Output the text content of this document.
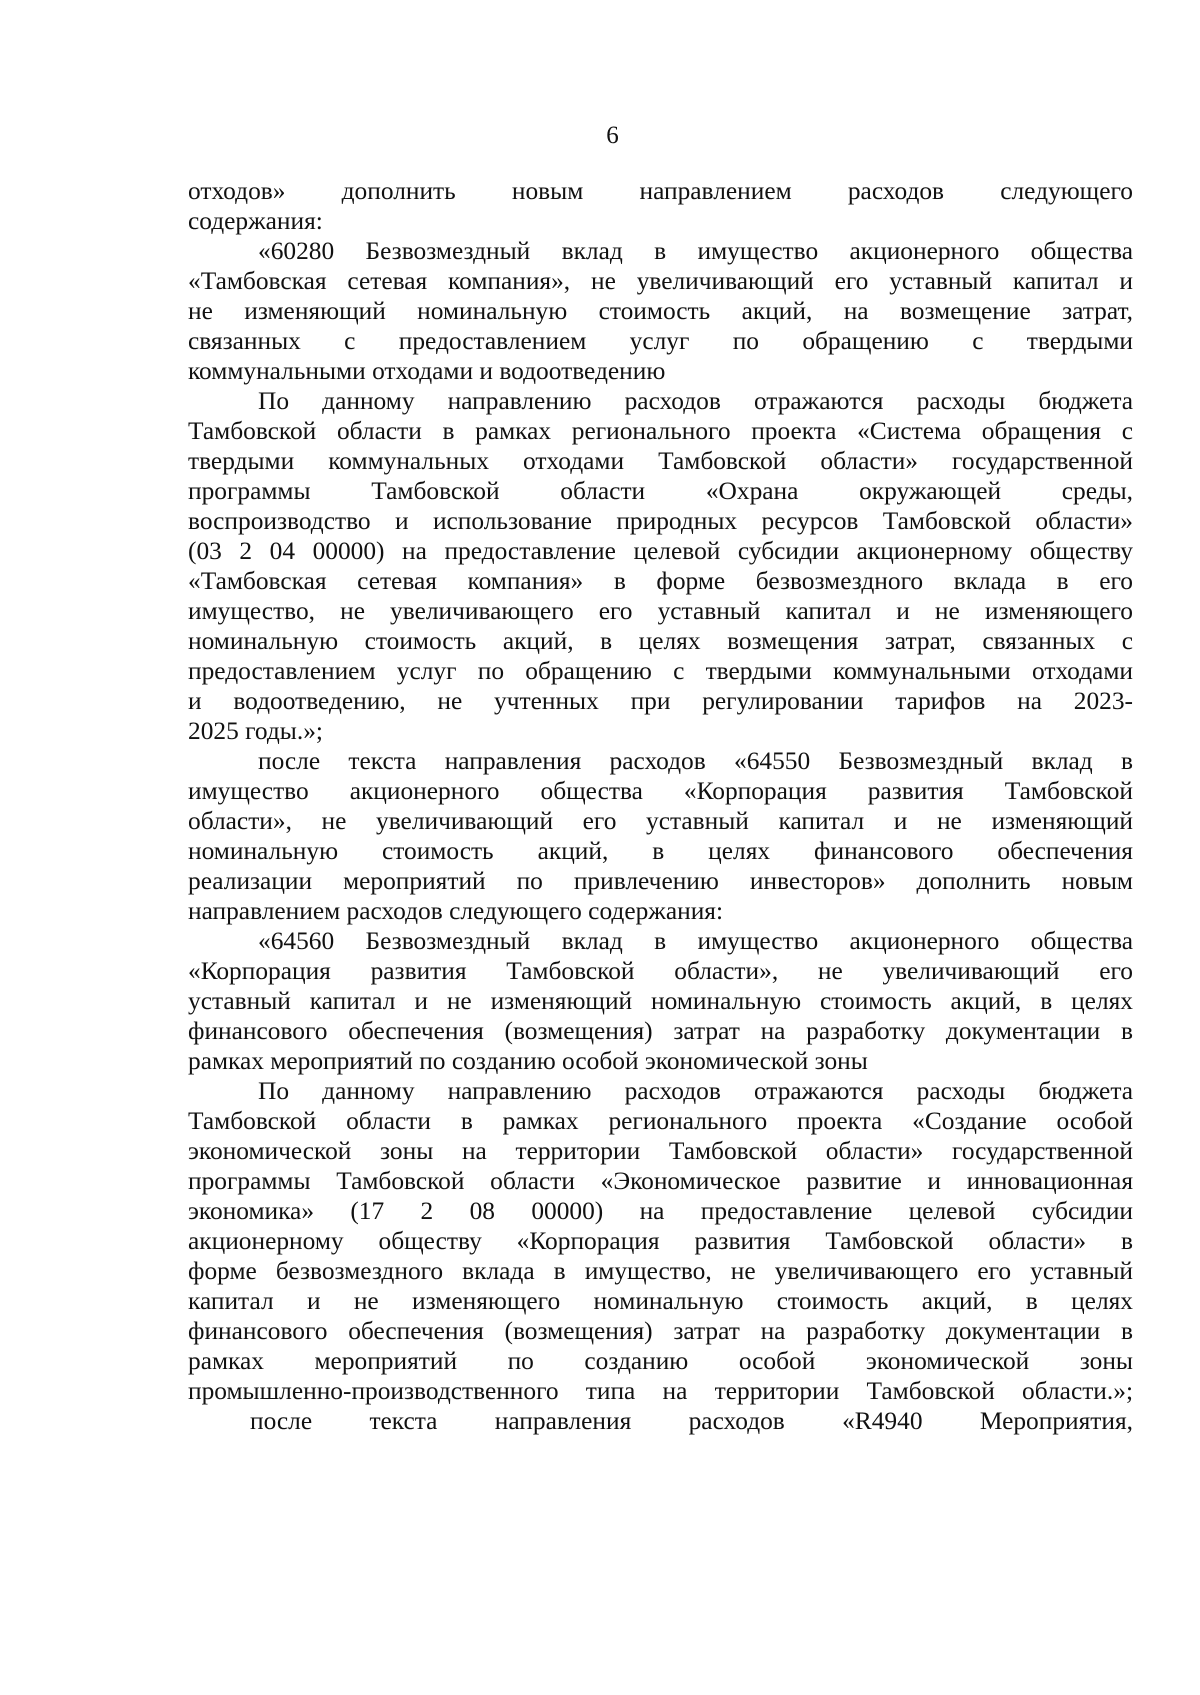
6
отходов» дополнить новым направлением расходов следующего
содержания:
«60280 Безвозмездный вклад в имущество акционерного общества
«Тамбовская сетевая компания», не увеличивающий его уставный капитал и
не изменяющий номинальную стоимость акций, на возмещение затрат,
связанных с предоставлением услуг по обращению с твердыми
коммунальными отходами и водоотведению
По данному направлению расходов отражаются расходы бюджета
Тамбовской области в рамках регионального проекта «Система обращения с
твердыми коммунальных отходами Тамбовской области» государственной
программы Тамбовской области «Охрана окружающей среды,
воспроизводство и использование природных ресурсов Тамбовской области»
(03 2 04 00000) на предоставление целевой субсидии акционерному обществу
«Тамбовская сетевая компания» в форме безвозмездного вклада в его
имущество, не увеличивающего его уставный капитал и не изменяющего
номинальную стоимость акций, в целях возмещения затрат, связанных с
предоставлением услуг по обращению с твердыми коммунальными отходами
и водоотведению, не учтенных при регулировании тарифов на 2023-
2025 годы.»;
после текста направления расходов «64550 Безвозмездный вклад в
имущество акционерного общества «Корпорация развития Тамбовской
области», не увеличивающий его уставный капитал и не изменяющий
номинальную стоимость акций, в целях финансового обеспечения
реализации мероприятий по привлечению инвесторов» дополнить новым
направлением расходов следующего содержания:
«64560 Безвозмездный вклад в имущество акционерного общества
«Корпорация развития Тамбовской области», не увеличивающий его
уставный капитал и не изменяющий номинальную стоимость акций, в целях
финансового обеспечения (возмещения) затрат на разработку документации в
рамках мероприятий по созданию особой экономической зоны
По данному направлению расходов отражаются расходы бюджета
Тамбовской области в рамках регионального проекта «Создание особой
экономической зоны на территории Тамбовской области» государственной
программы Тамбовской области «Экономическое развитие и инновационная
экономика» (17 2 08 00000) на предоставление целевой субсидии
акционерному обществу «Корпорация развития Тамбовской области» в
форме безвозмездного вклада в имущество, не увеличивающего его уставный
капитал и не изменяющего номинальную стоимость акций, в целях
финансового обеспечения (возмещения) затрат на разработку документации в
рамках мероприятий по созданию особой экономической зоны
промышленно-производственного типа на территории Тамбовской области.»;
после текста направления расходов «R4940 Мероприятия,
